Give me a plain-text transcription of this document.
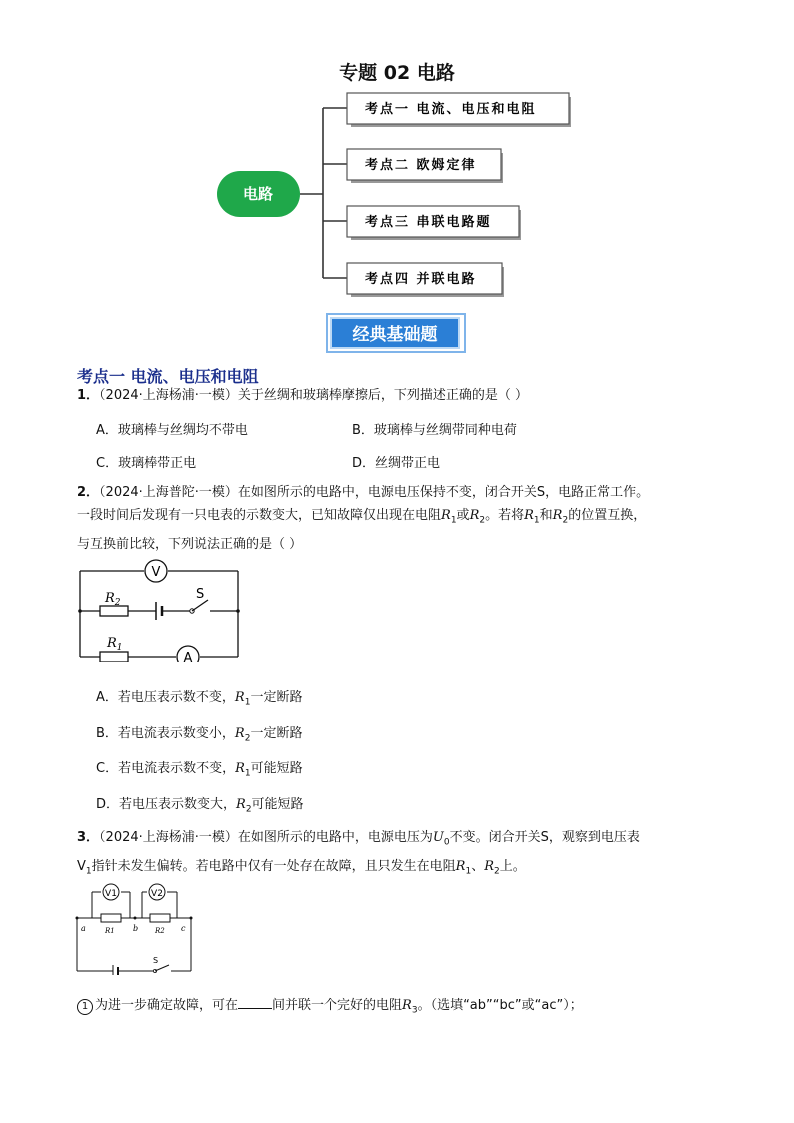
专题 02 电路
电路
考点一 电流、电压和电阻
考点二 欧姆定律
考点三 串联电路题
考点四 并联电路
经典基础题
考点一 电流、电压和电阻
1．（2024·上海杨浦·一模）关于丝绸和玻璃棒摩擦后，下列描述正确的是（ ）
A．玻璃棒与丝绸均不带电	B．玻璃棒与丝绸带同种电荷
C．玻璃棒带正电	D．丝绸带正电
2．（2024·上海普陀·一模）在如图所示的电路中，电源电压保持不变，闭合开关S，电路正常工作。
一段时间后发现有一只电表的示数变大，已知故障仅出现在电阻$R_1$或$R_2$。若将$R_1$和$R_2$的位置互换，
与互换前比较，下列说法正确的是（ ）
V
$R_2$
S
$R_1$
A
A．若电压表示数不变，$R_1$一定断路
B．若电流表示数变小，$R_2$一定断路
C．若电流表示数不变，$R_1$可能短路
D．若电压表示数变大，$R_2$可能短路
3．（2024·上海杨浦·一模）在如图所示的电路中，电源电压为$U_0$不变。闭合开关S，观察到电压表
$V_1$指针未发生偏转。若电路中仅有一处存在故障，且只发生在电阻$R_1$、$R_2$上。
V1	V2
a	R1 b R2 c
S
1 为进一步确定故障，可在	间并联一个完好的电阻$R_3$。（选填“ab”“bc”或“ac”）；
